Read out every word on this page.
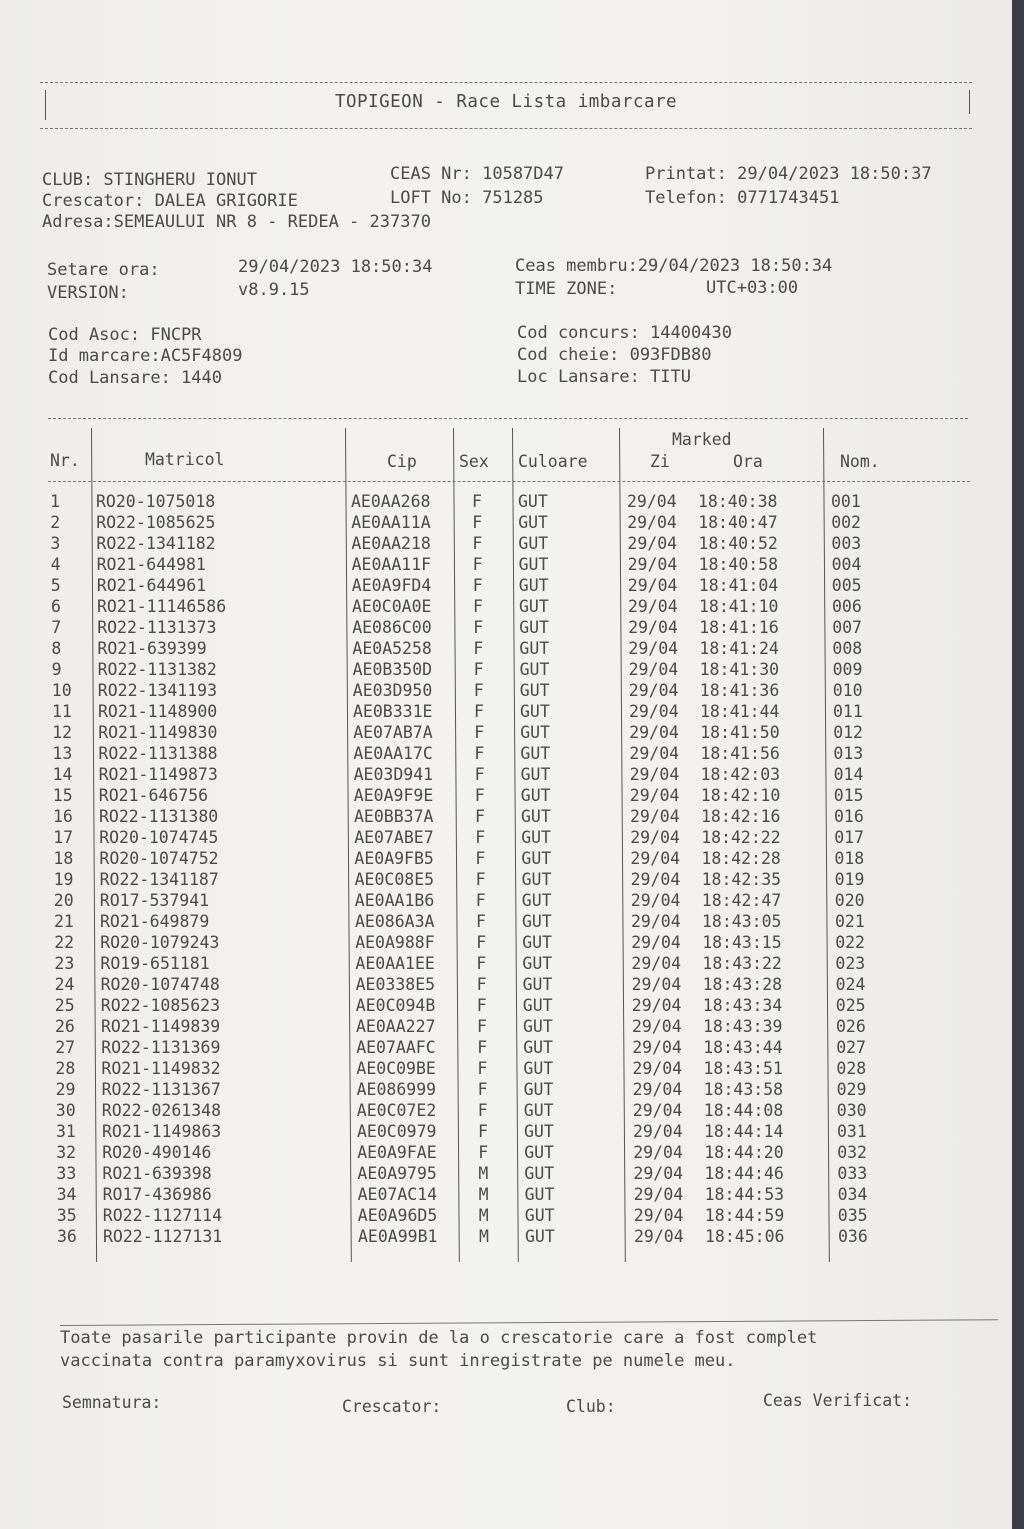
TOPIGEON - Race Lista imbarcare
CLUB: STINGHERU IONUT
Crescator: DALEA GRIGORIE
Adresa:SEMEAULUI NR 8 - REDEA - 237370
CEAS Nr: 10587D47
LOFT No: 751285
Printat: 29/04/2023 18:50:37
Telefon: 0771743451
Setare ora:	29/04/2023 18:50:34
VERSION:	v8.9.15
Ceas membru:29/04/2023 18:50:34
TIME ZONE:	UTC+03:00
Cod Asoc: FNCPR
Id marcare:AC5F4809
Cod Lansare: 1440
Cod concurs: 14400430
Cod cheie: 093FDB80
Loc Lansare: TITU
Nr.	Matricol	Cip	Sex Culoare
Marked
Zi	Ora	Nom.
1 RO20-1075018	AE0AA268	F GUT	29/04 18:40:38	001
2 RO22-1085625	AE0AA11A	F GUT	29/04 18:40:47	002
3 RO22-1341182	AE0AA218	F GUT	29/04 18:40:52	003
4 RO21-644981	AE0AA11F	F GUT	29/04 18:40:58	004
5 RO21-644961	AE0A9FD4	F GUT	29/04 18:41:04	005
6 RO21-11146586	AE0C0A0E	F GUT	29/04 18:41:10	006
7 RO22-1131373	AE086C00	F GUT	29/04 18:41:16	007
8 RO21-639399	AE0A5258	F GUT	29/04 18:41:24	008
9 RO22-1131382	AE0B350D	F GUT	29/04 18:41:30	009
10 RO22-1341193	AE03D950	F GUT	29/04 18:41:36	010
11 RO21-1148900	AE0B331E	F GUT	29/04 18:41:44	011
12 RO21-1149830	AE07AB7A	F GUT	29/04 18:41:50	012
13 RO22-1131388	AE0AA17C	F GUT	29/04 18:41:56	013
14 RO21-1149873	AE03D941	F GUT	29/04 18:42:03	014
15 RO21-646756	AE0A9F9E	F GUT	29/04 18:42:10	015
16 RO22-1131380	AE0BB37A	F GUT	29/04 18:42:16	016
17 RO20-1074745	AE07ABE7	F GUT	29/04 18:42:22	017
18 RO20-1074752	AE0A9FB5	F GUT	29/04 18:42:28	018
19 RO22-1341187	AE0C08E5	F GUT	29/04 18:42:35	019
20 RO17-537941	AE0AA1B6	F GUT	29/04 18:42:47	020
21 RO21-649879	AE086A3A	F GUT	29/04 18:43:05	021
22 RO20-1079243	AE0A988F	F GUT	29/04 18:43:15	022
23 RO19-651181	AE0AA1EE	F GUT	29/04 18:43:22	023
24 RO20-1074748	AE0338E5	F GUT	29/04 18:43:28	024
25 RO22-1085623	AE0C094B	F GUT	29/04 18:43:34	025
26 RO21-1149839	AE0AA227	F GUT	29/04 18:43:39	026
27 RO22-1131369	AE07AAFC	F GUT	29/04 18:43:44	027
28 RO21-1149832	AE0C09BE	F GUT	29/04 18:43:51	028
29 RO22-1131367	AE086999	F GUT	29/04 18:43:58	029
30 RO22-0261348	AE0C07E2	F GUT	29/04 18:44:08	030
31 RO21-1149863	AE0C0979	F GUT	29/04 18:44:14	031
32 RO20-490146	AE0A9FAE	F GUT	29/04 18:44:20	032
33 RO21-639398	AE0A9795	M GUT	29/04 18:44:46	033
34 RO17-436986	AE07AC14	M GUT	29/04 18:44:53	034
35 RO22-1127114	AE0A96D5	M GUT	29/04 18:44:59	035
36 RO22-1127131	AE0A99B1	M GUT	29/04 18:45:06	036
Toate pasarile participante provin de la o crescatorie care a fost complet
vaccinata contra paramyxovirus si sunt inregistrate pe numele meu.
Semnatura:	Crescator:	Club:	Ceas Verificat:
